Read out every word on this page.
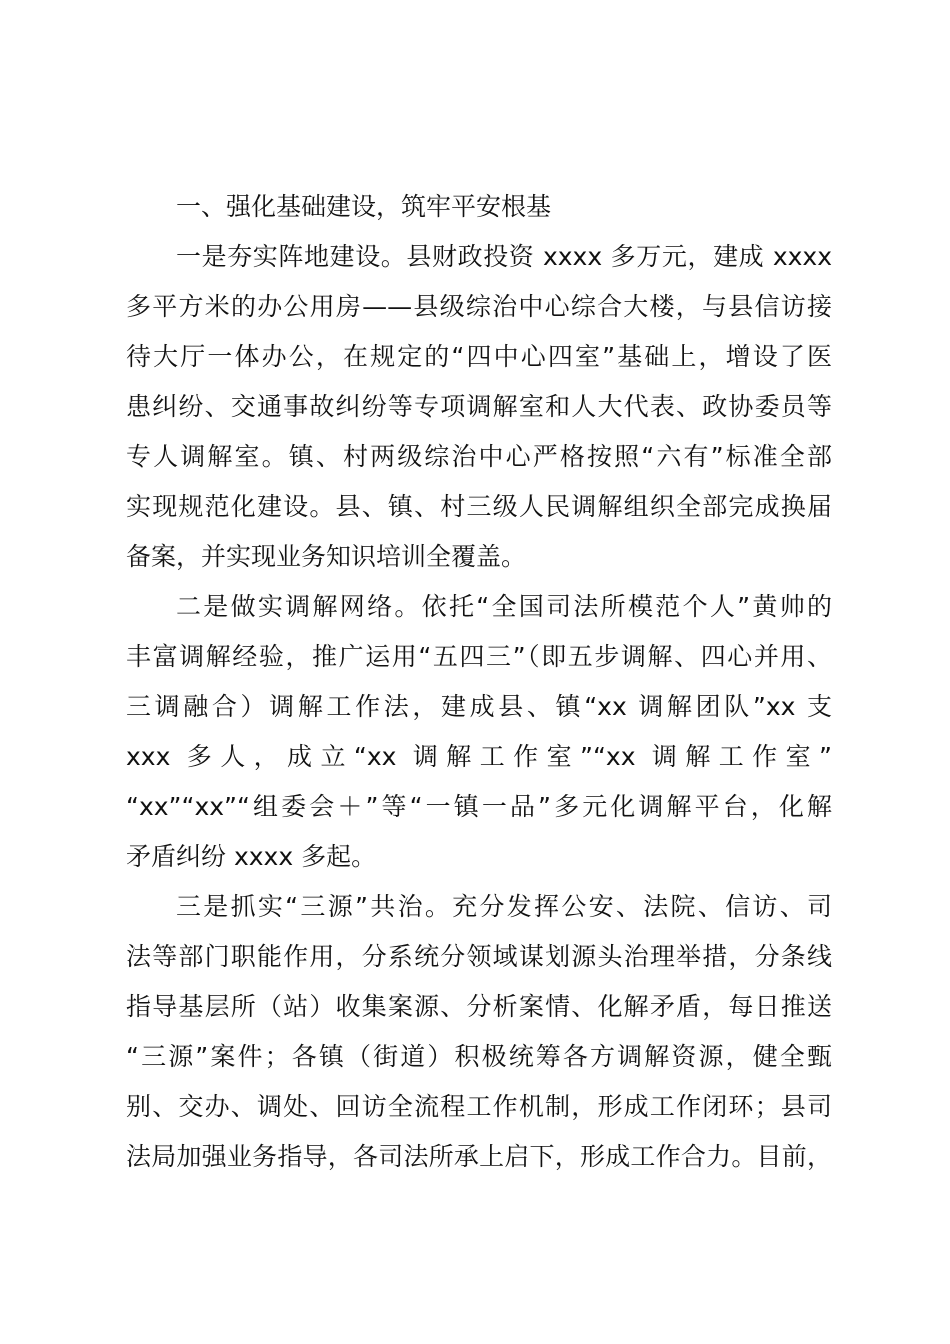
一、强化基础建设，筑牢平安根基
一是夯实阵地建设。县财政投资 xxxx 多万元，建成 xxxx
多平方米的办公用房——县级综治中心综合大楼，与县信访接
待大厅一体办公，在规定的“四中心四室”基础上，增设了医
患纠纷、交通事故纠纷等专项调解室和人大代表、政协委员等
专人调解室。镇、村两级综治中心严格按照“六有”标准全部
实现规范化建设。县、镇、村三级人民调解组织全部完成换届
备案，并实现业务知识培训全覆盖。
二是做实调解网络。依托“全国司法所模范个人”黄帅的
丰富调解经验，推广运用“五四三”（即五步调解、四心并用、
三调融合）调解工作法，建成县、镇“xx 调解团队”xx 支
xxx 多人，成立“xx 调解工作室”“xx 调解工作室”
“xx”“xx”“组委会＋”等“一镇一品”多元化调解平台，化解
矛盾纠纷 xxxx 多起。
三是抓实“三源”共治。充分发挥公安、法院、信访、司
法等部门职能作用，分系统分领域谋划源头治理举措，分条线
指导基层所（站）收集案源、分析案情、化解矛盾，每日推送
“三源”案件；各镇（街道）积极统筹各方调解资源，健全甄
别、交办、调处、回访全流程工作机制，形成工作闭环；县司
法局加强业务指导，各司法所承上启下，形成工作合力。目前，
